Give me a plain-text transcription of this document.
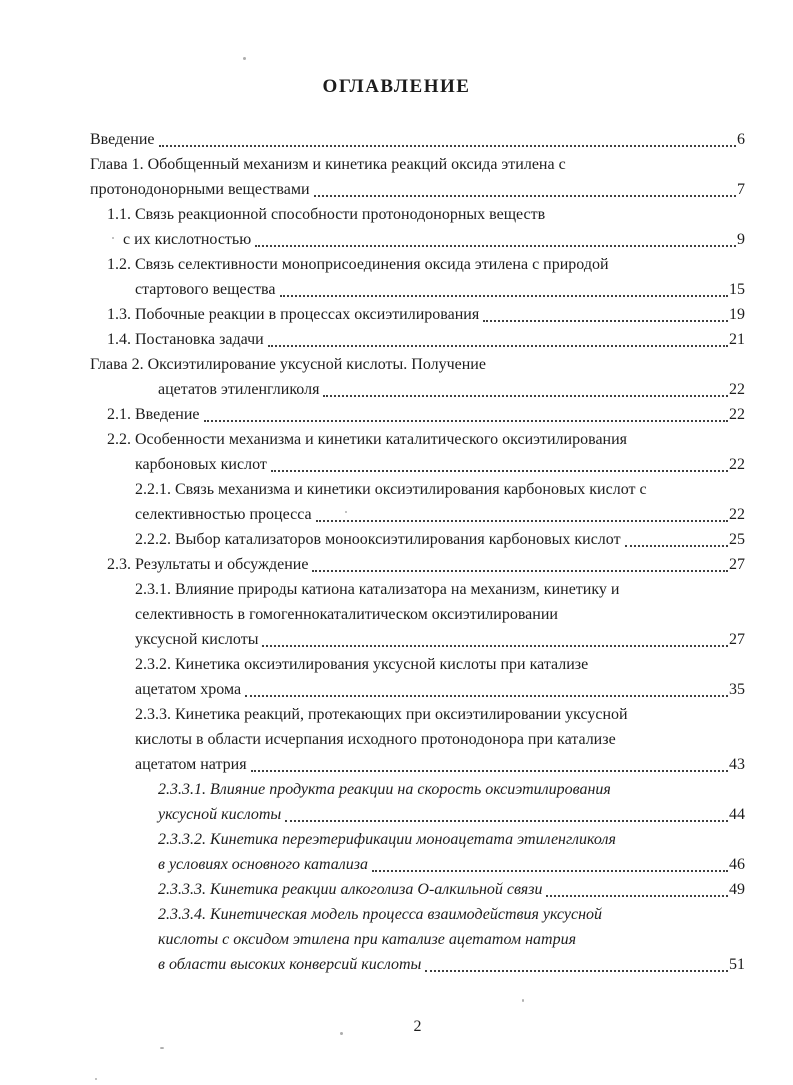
ОГЛАВЛЕНИЕ
Введение	6
Глава 1. Обобщенный механизм и кинетика реакций оксида этилена с
протонодонорными веществами	7
1.1. Связь реакционной способности протонодонорных веществ
с их кислотностью	9
1.2. Связь селективности моноприсоединения оксида этилена с природой
стартового вещества	15
1.3. Побочные реакции в процессах оксиэтилирования	19
1.4. Постановка задачи	21
Глава 2. Оксиэтилирование уксусной кислоты. Получение
ацетатов этиленгликоля	22
2.1. Введение	22
2.2. Особенности механизма и кинетики каталитического оксиэтилирования
карбоновых кислот	22
2.2.1. Связь механизма и кинетики оксиэтилирования карбоновых кислот с
селективностью процесса	22
2.2.2. Выбор катализаторов монооксиэтилирования карбоновых кислот	25
2.3. Результаты и обсуждение	27
2.3.1. Влияние природы катиона катализатора на механизм, кинетику и
селективность в гомогеннокаталитическом оксиэтилировании
уксусной кислоты	27
2.3.2. Кинетика оксиэтилирования уксусной кислоты при катализе
ацетатом хрома	35
2.3.3. Кинетика реакций, протекающих при оксиэтилировании уксусной
кислоты в области исчерпания исходного протонодонора при катализе
ацетатом натрия	43
2.3.3.1. Влияние продукта реакции на скорость оксиэтилирования
уксусной кислоты	44
2.3.3.2. Кинетика переэтерификации моноацетата этиленгликоля
в условиях основного катализа	46
2.3.3.3. Кинетика реакции алкоголиза О-алкильной связи	49
2.3.3.4. Кинетическая модель процесса взаимодействия уксусной
кислоты с оксидом этилена при катализе ацетатом натрия
в области высоких конверсий кислоты	51
2
